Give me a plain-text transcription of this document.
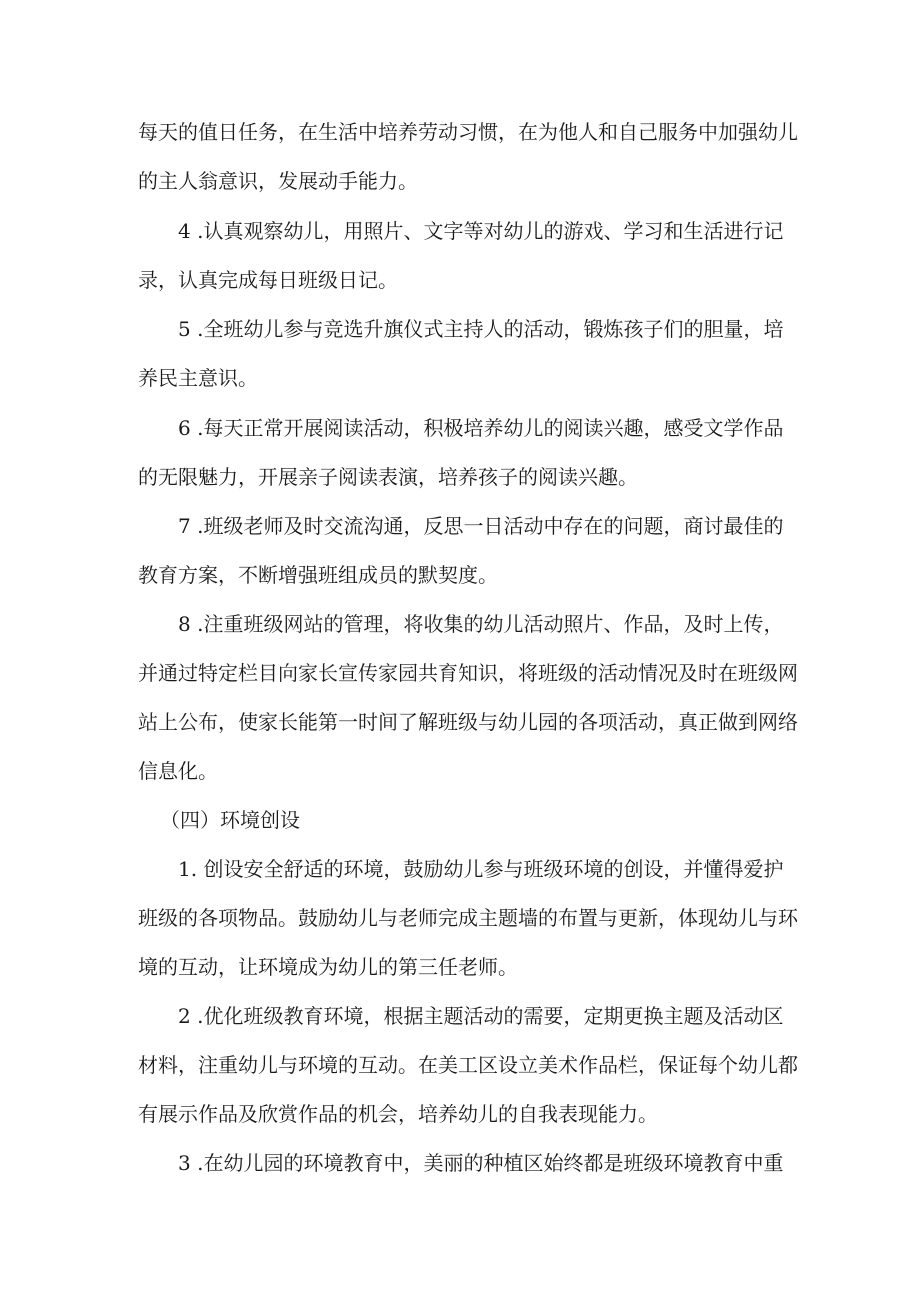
每天的值日任务，在生活中培养劳动习惯，在为他人和自己服务中加强幼儿
的主人翁意识，发展动手能力。
4 .认真观察幼儿，用照片、文字等对幼儿的游戏、学习和生活进行记
录，认真完成每日班级日记。
5 .全班幼儿参与竞选升旗仪式主持人的活动，锻炼孩子们的胆量，培
养民主意识。
6 .每天正常开展阅读活动，积极培养幼儿的阅读兴趣，感受文学作品
的无限魅力，开展亲子阅读表演，培养孩子的阅读兴趣。
7 .班级老师及时交流沟通，反思一日活动中存在的问题，商讨最佳的
教育方案，不断增强班组成员的默契度。
8 .注重班级网站的管理，将收集的幼儿活动照片、作品，及时上传，
并通过特定栏目向家长宣传家园共育知识，将班级的活动情况及时在班级网
站上公布，使家长能第一时间了解班级与幼儿园的各项活动，真正做到网络
信息化。
（四）环境创设
1. 创设安全舒适的环境，鼓励幼儿参与班级环境的创设，并懂得爱护
班级的各项物品。鼓励幼儿与老师完成主题墙的布置与更新，体现幼儿与环
境的互动，让环境成为幼儿的第三任老师。
2 .优化班级教育环境，根据主题活动的需要，定期更换主题及活动区
材料，注重幼儿与环境的互动。在美工区设立美术作品栏，保证每个幼儿都
有展示作品及欣赏作品的机会，培养幼儿的自我表现能力。
3 .在幼儿园的环境教育中，美丽的种植区始终都是班级环境教育中重
